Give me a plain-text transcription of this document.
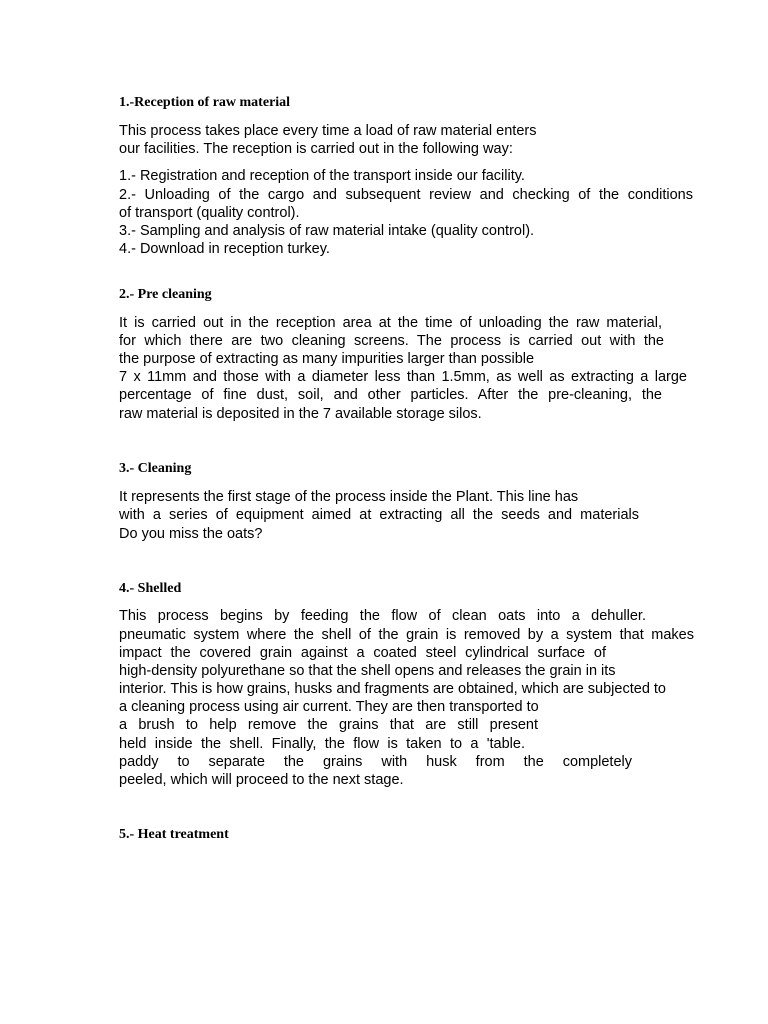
1.-Reception of raw material
This process takes place every time a load of raw material enters
our facilities. The reception is carried out in the following way:
1.- Registration and reception of the transport inside our facility.
2.- Unloading of the cargo and subsequent review and checking of the conditions
of transport (quality control).
3.- Sampling and analysis of raw material intake (quality control).
4.- Download in reception turkey.
2.- Pre cleaning
It is carried out in the reception area at the time of unloading the raw material,
for which there are two cleaning screens. The process is carried out with the
the purpose of extracting as many impurities larger than possible
7 x 11mm and those with a diameter less than 1.5mm, as well as extracting a large
percentage of fine dust, soil, and other particles. After the pre-cleaning, the
raw material is deposited in the 7 available storage silos.
3.- Cleaning
It represents the first stage of the process inside the Plant. This line has
with a series of equipment aimed at extracting all the seeds and materials
Do you miss the oats?
4.- Shelled
This process begins by feeding the flow of clean oats into a dehuller.
pneumatic system where the shell of the grain is removed by a system that makes
impact the covered grain against a coated steel cylindrical surface of
high-density polyurethane so that the shell opens and releases the grain in its
interior. This is how grains, husks and fragments are obtained, which are subjected to
a cleaning process using air current. They are then transported to
a brush to help remove the grains that are still present
held inside the shell. Finally, the flow is taken to a 'table.
paddy to separate the grains with husk from the completely
peeled, which will proceed to the next stage.
5.- Heat treatment
